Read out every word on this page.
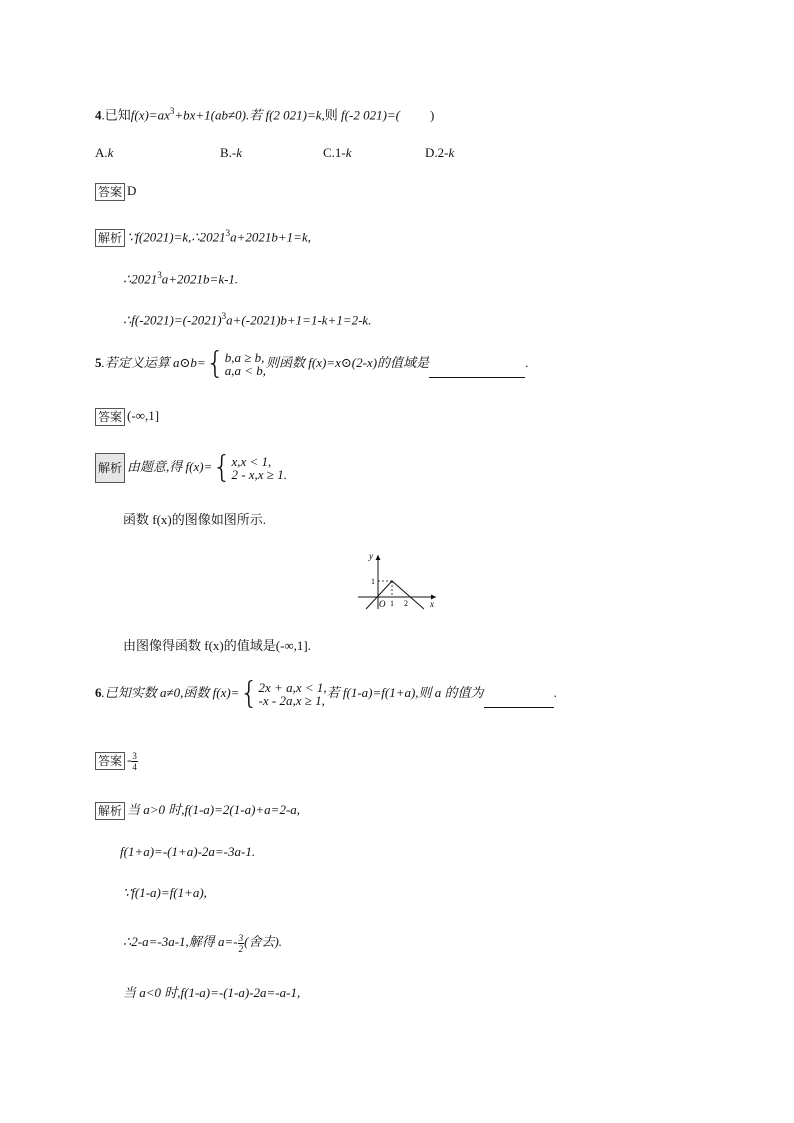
4.已知$f(x)=ax^3+bx+1(ab\ne 0)$.若 f(2 021)=k,则 f(-2 021)=( )
A.k	B.-k	C.1-k	D.2-k
答案 D
解析 $\because f(2021)=k,\therefore 2021^3a+2021b+1=k$,
$\therefore 2021^3a+2021b=k-1$.
$\therefore f(-2021)=(-2021)^3a+(-2021)b+1=1-k+1=2-k$.
5.若定义运算 a⊙b={ b,a ≥ b,
a,a < b,
则函数 f(x)=x⊙(2-x)的值域是	.
答案 (-∞,1]
解析 由题意,得 f(x)={ x,x < 1,
2 - x,x ≥ 1.
函数 f(x)的图像如图所示.
y
x
O
1
1 2
由图像得函数 f(x)的值域是(-∞,1].
6.已知实数 a≠0,函数 f(x)={ 2x + a,x < 1,
-x - 2a,x ≥ 1,
若 f(1-a)=f(1+a),则 a 的值为	.
答案 - $\frac{3}{4}$
解析 当 a>0 时,f(1-a)=2(1-a)+a=2-a,
f(1+a)=-(1+a)-2a=-3a-1.
∵f(1-a)=f(1+a),
∴2-a=-3a-1,解得 $a=- \frac{3}{2}$ (舍去).
当 a<0 时,f(1-a)=-(1-a)-2a=-a-1,
